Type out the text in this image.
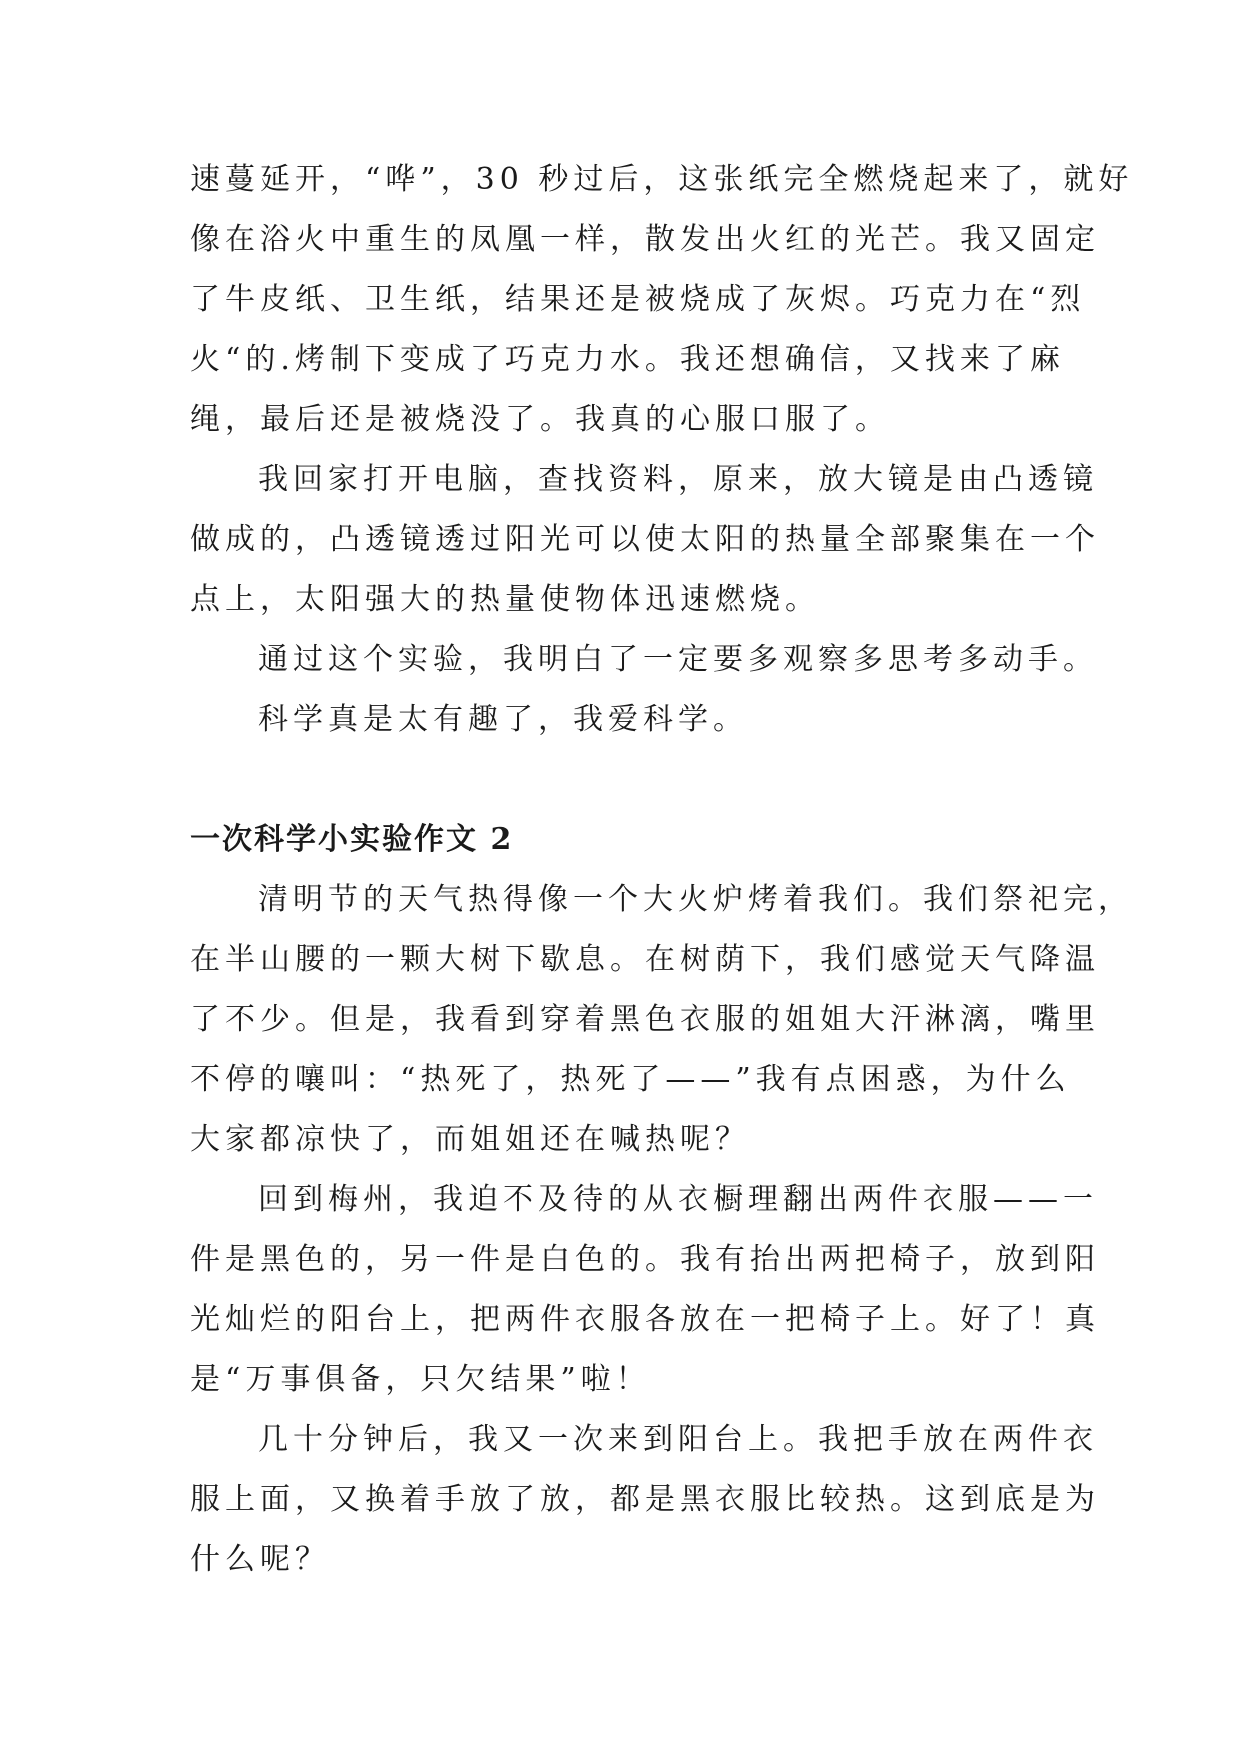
速蔓延开，“哗”，30 秒过后，这张纸完全燃烧起来了，就好
像在浴火中重生的凤凰一样，散发出火红的光芒。我又固定
了牛皮纸、卫生纸，结果还是被烧成了灰烬。巧克力在“烈
火“的.烤制下变成了巧克力水。我还想确信，又找来了麻
绳，最后还是被烧没了。我真的心服口服了。

我回家打开电脑，查找资料，原来，放大镜是由凸透镜
做成的，凸透镜透过阳光可以使太阳的热量全部聚集在一个
点上，太阳强大的热量使物体迅速燃烧。

通过这个实验，我明白了一定要多观察多思考多动手。

科学真是太有趣了，我爱科学。

一次科学小实验作文 2

清明节的天气热得像一个大火炉烤着我们。我们祭祀完，
在半山腰的一颗大树下歇息。在树荫下，我们感觉天气降温
了不少。但是，我看到穿着黑色衣服的姐姐大汗淋漓，嘴里
不停的嚷叫：“热死了，热死了——”我有点困惑，为什么
大家都凉快了，而姐姐还在喊热呢？

回到梅州，我迫不及待的从衣橱理翻出两件衣服——一
件是黑色的，另一件是白色的。我有抬出两把椅子，放到阳
光灿烂的阳台上，把两件衣服各放在一把椅子上。好了！真
是“万事俱备，只欠结果”啦！

几十分钟后，我又一次来到阳台上。我把手放在两件衣
服上面，又换着手放了放，都是黑衣服比较热。这到底是为
什么呢？
